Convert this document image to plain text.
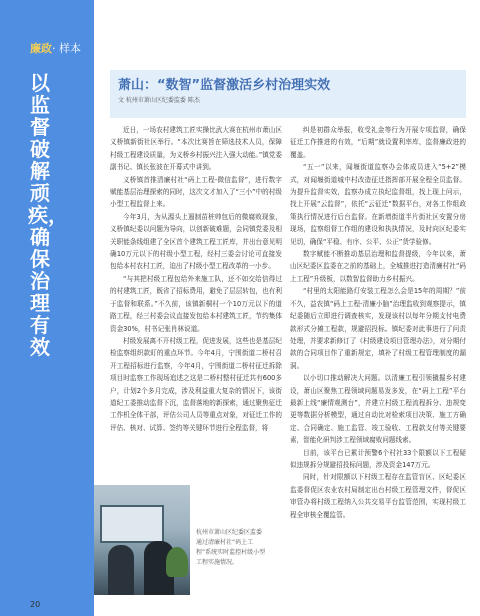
廉政· 样本
以监督破解顽疾，确保治理有效
萧山：“数智”监督激活乡村治理实效
文 杭州市萧山区纪委监委 陈杰

近日，一场农村建筑工匠实操比武大赛在杭州市萧山区义桥镇新街社区举行。“本次比赛旨在筛选技术人员，保障村级工程建设质量，为义桥乡村振兴注入强大动能。”镇党委副书记、镇长张波在开幕式中讲到。

义桥镇首推清廉村社“码上工程-微信监督”，进行数字赋能基层治理探索的同时，这次文才加入了“三小”中的村级小型工程监督上来。

今年3月，为从源头上遏制苗桩帅包后的微腐败现象，义桥镇纪委以问题为导向，以创新破难题，会同镇党委及相关职能条线组建了全区首个建筑工程工匠库，并出台意见明确10万元以下的村级小型工程，经村三委会讨论可直接发包给本村农村工匠，迫出了村级小型工程改革的一小步。

“与其把村级工程包给外来施工队，还不如交给信得过的村建筑工匠，既省了招标费用，避免了层层转包，也有利于监督和联系。”不久前，该镇新桐村一个10万元以下的道路工程，经三村委会议直接发包给本村建筑工匠，节约集体资金30%，村书记张肖林说道。

村级发展离不开村级工程，促进发展，这些也是基层纪检监察组织款盯的重点环节。今年4月，宁围街道二桥村召开工程招标进行监察，今年4月，宁围街道二桥村征迁拆除项目时监察工作现场追述之这是二桥村整村征迁共有600多户，计划2个多月完成，涉及利益重大复杂的情况下，该街道纪工委推动监督下沉，监督落地的新探索，通过聚焦征迁工作机全体干部，评估公司人员等重点对象，对征迁工作的评估、核对、试算、签约等关键环节进行全程监督，将

纠是初群众举报，收受礼金等行为开展专项监督，确保征迁工作推进的有效，“后期”就设置利率库，监督廉政进的覆盖。

“五一”以来，闻堰街道监察办会体成员进入“5+2”模式，对闻堰街道城中村改造征迁指挥部开展全程全员监督。为提升监督实效，监察办成立执纪监督组，找上现上问示，找上开展“云监督”，依托“云征迁”数据平台，对各工作组政策执行情况进行后台监督。在新增街道半片街社区安置分房现场，监察组督工作组的建设和执执情况，及时向区纪委实见切，确保“平稳、有序、公平、公正”货学验修。

数字赋能不断推动基层治理和监督提级，今年以来，萧山区纪委区监委在之前的基础上，全城推进打造清廉村社“码上工程”升级板，以数智监督助力乡村振兴。

“村里的太阳能路灯安装工程怎么会是15年的周期？”前不久，益农镇“码上工程-清廉小脑”治理监收到观察提示，镇纪委随后立即进行调查核实，发现该村以每年分期支付电费款形式分摊工程款，规避招投标。镇纪委对此事进行了问责处理，并要求新修订了《村级建设项目管理办法》，对分期付款的合同项目作了重新规定，填补了村级工程管理制度的漏洞。

以小切口推动解决大问题。以清廉工程引领撬掘乡村建设，萧山区聚焦工程领域问题易发多发，在“码上工程”平台最新上线“廉情观测台”，并建立村级工程流程拆分、违规变更等数据分析模型，通过自动比对检索项目决策、施工方确定、合同确定、施工监管、竣工验收、工程款支付等关键要素，智能化研判涉工程领域腐败问题线索。

目前，该平台已累计预警6个村社33个限额以下工程疑似违规拆分规避招投标问题，涉及资金147万元。

同时，针对限额以下村级工程存在监管盲区、区纪委区监委督促区农业农村局制定出台村级工程管理文件，督促区审管办将村级工程纳入公共交易平台监管范围，实现村级工程全审核全覆监管。

杭州市萧山区纪委区监委通过清廉村社“码上工程”系统实时监控村级小型工程实施情况。
20 后楼指印刊
